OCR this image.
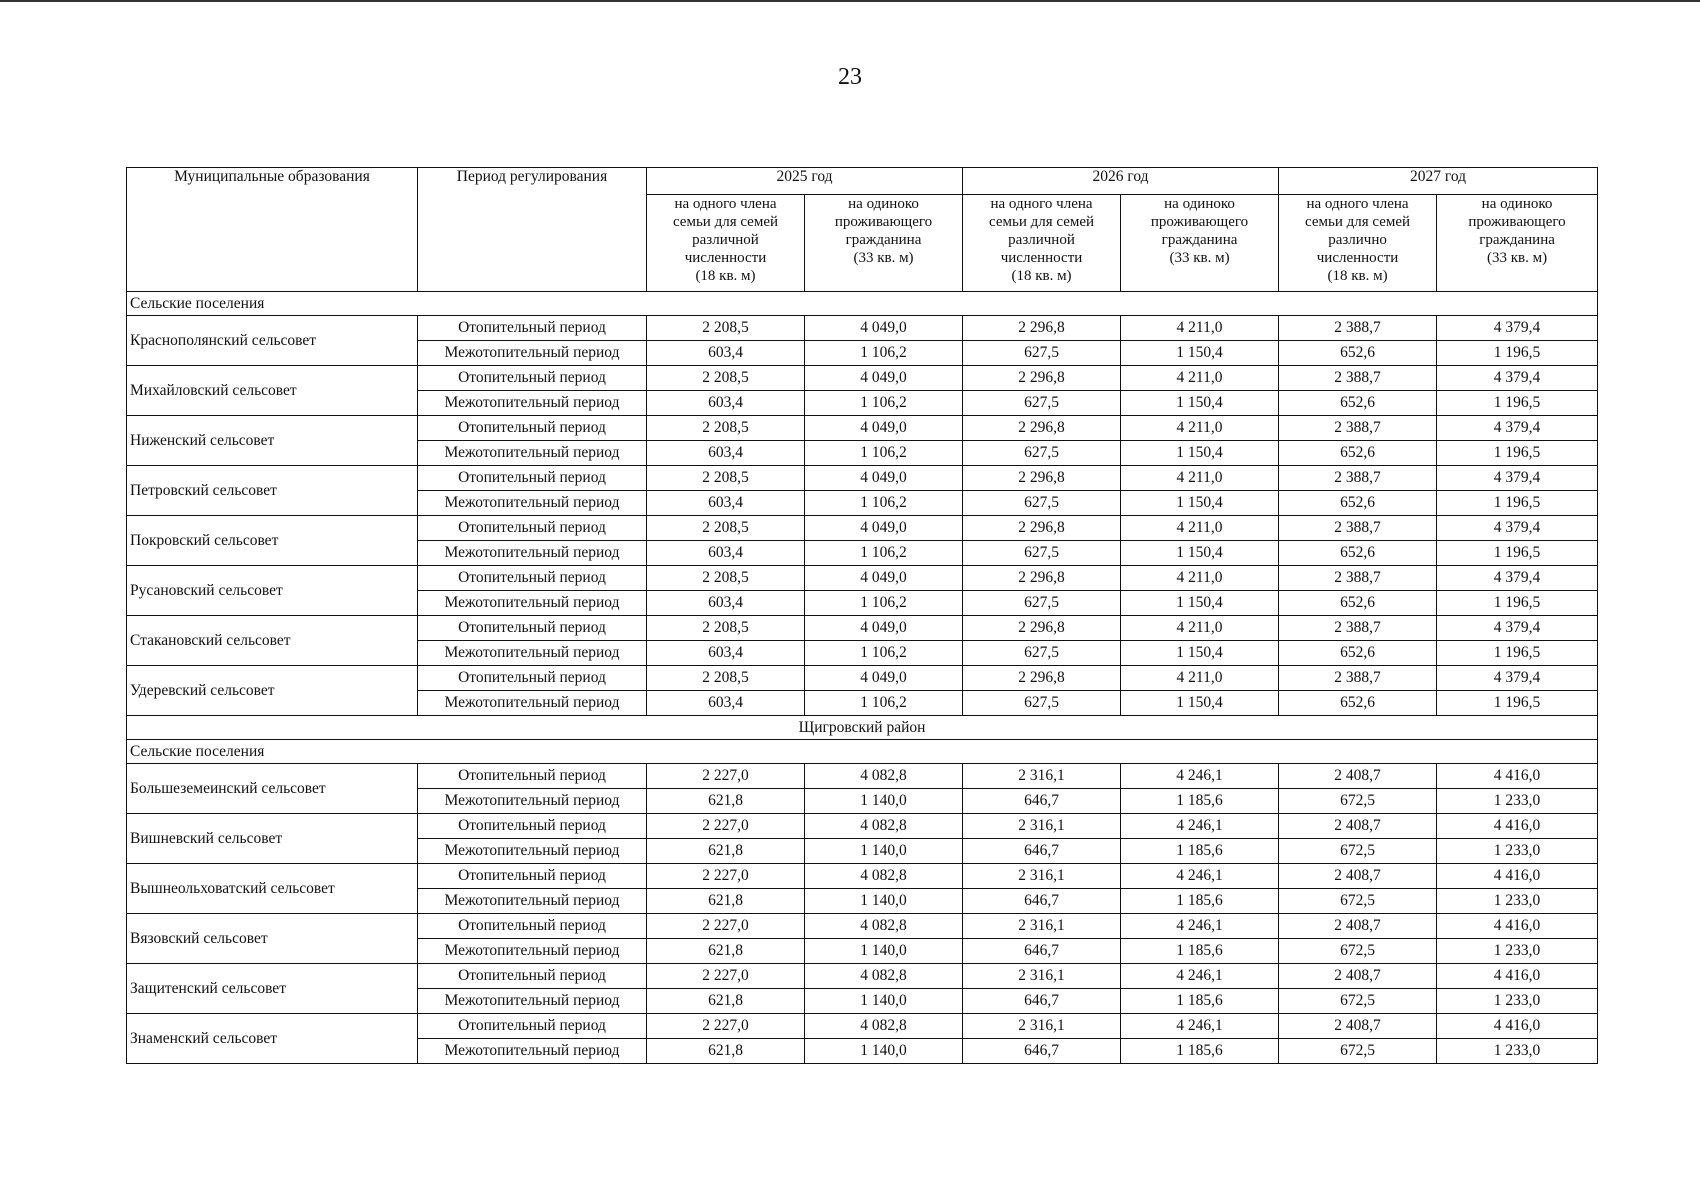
23
Муниципальные образования	Период регулирования	2025 год		2026 год		2027 год	

		на одного члена
семьи для семей
различной
численности
(18 кв. м)	на одиноко
проживающего
гражданина
(33 кв. м)	на одного члена
семьи для семей
различной
численности
(18 кв. м)	на одиноко
проживающего
гражданина
(33 кв. м)	на одного члена
семьи для семей
различно
численности
(18 кв. м)	на одиноко
проживающего
гражданина
(33 кв. м)

Сельские поселения							
Краснополянский сельсовет	Отопительный период	2 208,5	4 049,0	2 296,8	4 211,0	2 388,7	4 379,4
	Межотопительный период	603,4	1 106,2	627,5	1 150,4	652,6	1 196,5
Михайловский сельсовет	Отопительный период	2 208,5	4 049,0	2 296,8	4 211,0	2 388,7	4 379,4
	Межотопительный период	603,4	1 106,2	627,5	1 150,4	652,6	1 196,5
Ниженский сельсовет	Отопительный период	2 208,5	4 049,0	2 296,8	4 211,0	2 388,7	4 379,4
	Межотопительный период	603,4	1 106,2	627,5	1 150,4	652,6	1 196,5
Петровский сельсовет	Отопительный период	2 208,5	4 049,0	2 296,8	4 211,0	2 388,7	4 379,4
	Межотопительный период	603,4	1 106,2	627,5	1 150,4	652,6	1 196,5
Покровский сельсовет	Отопительный период	2 208,5	4 049,0	2 296,8	4 211,0	2 388,7	4 379,4
	Межотопительный период	603,4	1 106,2	627,5	1 150,4	652,6	1 196,5
Русановский сельсовет	Отопительный период	2 208,5	4 049,0	2 296,8	4 211,0	2 388,7	4 379,4
	Межотопительный период	603,4	1 106,2	627,5	1 150,4	652,6	1 196,5
Стакановский сельсовет	Отопительный период	2 208,5	4 049,0	2 296,8	4 211,0	2 388,7	4 379,4
	Межотопительный период	603,4	1 106,2	627,5	1 150,4	652,6	1 196,5
Удеревский сельсовет	Отопительный период	2 208,5	4 049,0	2 296,8	4 211,0	2 388,7	4 379,4
	Межотопительный период	603,4	1 106,2	627,5	1 150,4	652,6	1 196,5
Щигровский район							
Сельские поселения							
Большеземеинский сельсовет	Отопительный период	2 227,0	4 082,8	2 316,1	4 246,1	2 408,7	4 416,0
	Межотопительный период	621,8	1 140,0	646,7	1 185,6	672,5	1 233,0
Вишневский сельсовет	Отопительный период	2 227,0	4 082,8	2 316,1	4 246,1	2 408,7	4 416,0
	Межотопительный период	621,8	1 140,0	646,7	1 185,6	672,5	1 233,0
Вышнеольховатский сельсовет	Отопительный период	2 227,0	4 082,8	2 316,1	4 246,1	2 408,7	4 416,0
	Межотопительный период	621,8	1 140,0	646,7	1 185,6	672,5	1 233,0
Вязовский сельсовет	Отопительный период	2 227,0	4 082,8	2 316,1	4 246,1	2 408,7	4 416,0
	Межотопительный период	621,8	1 140,0	646,7	1 185,6	672,5	1 233,0
Защитенский сельсовет	Отопительный период	2 227,0	4 082,8	2 316,1	4 246,1	2 408,7	4 416,0
	Межотопительный период	621,8	1 140,0	646,7	1 185,6	672,5	1 233,0
Знаменский сельсовет	Отопительный период	2 227,0	4 082,8	2 316,1	4 246,1	2 408,7	4 416,0
	Межотопительный период	621,8	1 140,0	646,7	1 185,6	672,5	1 233,0
